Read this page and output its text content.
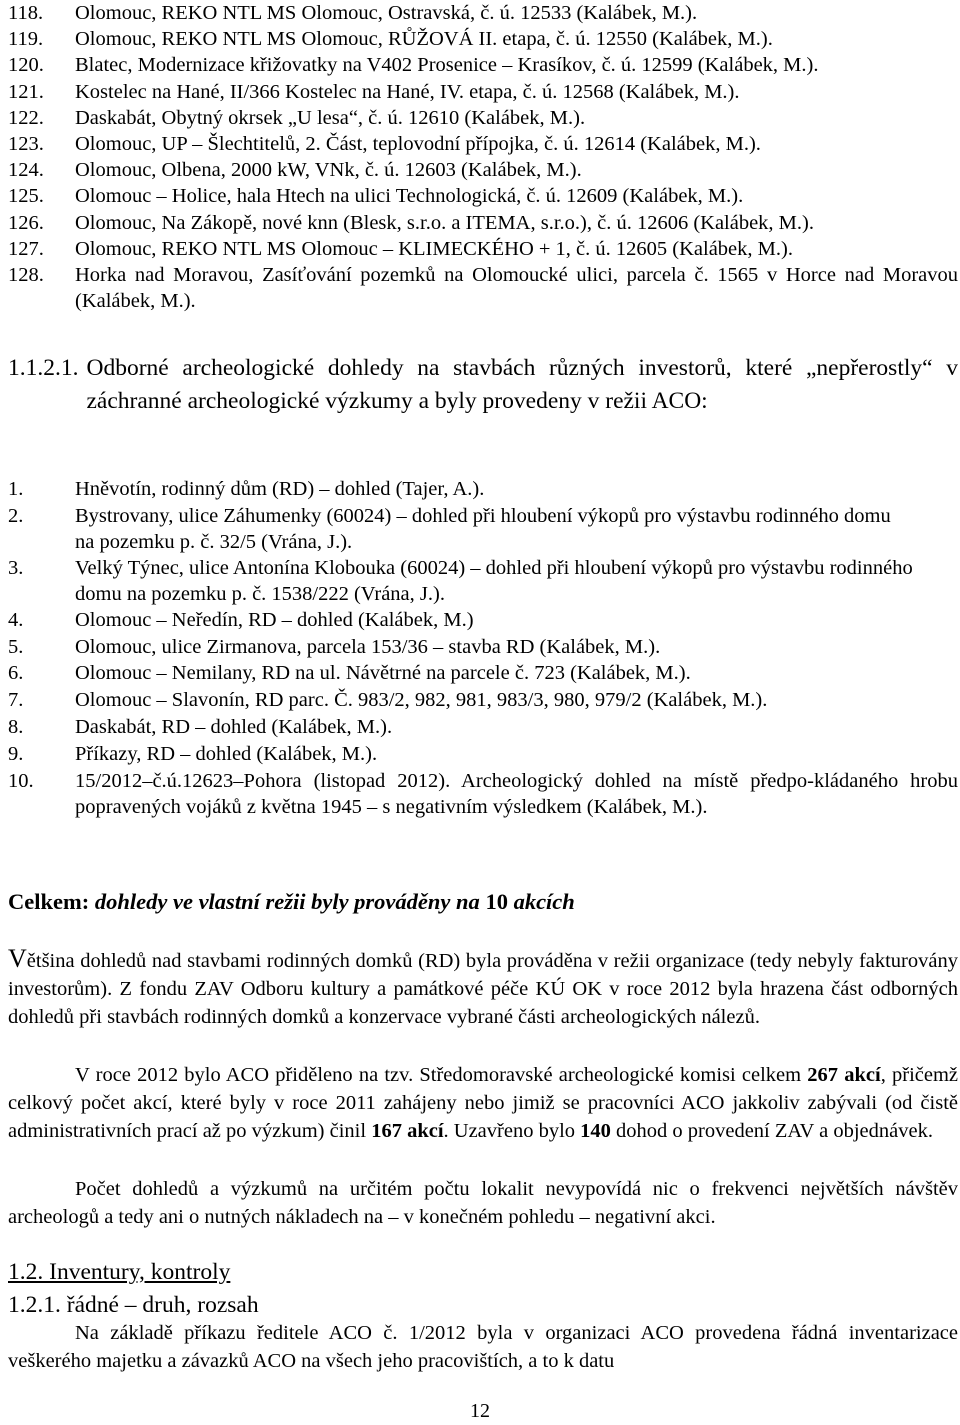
118.	Olomouc, REKO NTL MS Olomouc, Ostravská, č. ú. 12533 (Kalábek, M.).
119.	Olomouc, REKO NTL MS Olomouc, RŮŽOVÁ II. etapa, č. ú. 12550 (Kalábek, M.).
120.	Blatec, Modernizace křižovatky na V402 Prosenice – Krasíkov, č. ú. 12599 (Kalábek, M.).
121.	Kostelec na Hané, II/366 Kostelec na Hané, IV. etapa, č. ú. 12568 (Kalábek, M.).
122.	Daskabát, Obytný okrsek „U lesa“, č. ú. 12610 (Kalábek, M.).
123.	Olomouc, UP – Šlechtitelů, 2. Část, teplovodní přípojka, č. ú. 12614 (Kalábek, M.).
124.	Olomouc, Olbena, 2000 kW, VNk, č. ú. 12603 (Kalábek, M.).
125.	Olomouc – Holice, hala Htech na ulici Technologická, č. ú. 12609 (Kalábek, M.).
126.	Olomouc, Na Zákopě, nové knn (Blesk, s.r.o. a ITEMA, s.r.o.), č. ú. 12606 (Kalábek, M.).
127.	Olomouc, REKO NTL MS Olomouc – KLIMECKÉHO + 1, č. ú. 12605 (Kalábek, M.).
128.	Horka nad Moravou, Zasíťování pozemků na Olomoucké ulici, parcela č. 1565 v Horce nad Moravou (Kalábek, M.).
1.1.2.1. Odborné archeologické dohledy na stavbách různých investorů, které „nepřerostly“ v záchranné archeologické výzkumy a byly provedeny v režii ACO:
1.	Hněvotín, rodinný dům (RD) – dohled (Tajer, A.).
2.	Bystrovany, ulice Záhumenky (60024) – dohled při hloubení výkopů pro výstavbu rodinného domu na pozemku p. č. 32/5 (Vrána, J.).
3.	Velký Týnec, ulice Antonína Klobouka (60024) – dohled při hloubení výkopů pro výstavbu rodinného domu na pozemku p. č. 1538/222 (Vrána, J.).
4.	Olomouc – Neředín, RD – dohled (Kalábek, M.)
5.	Olomouc, ulice Zirmanova, parcela 153/36 – stavba RD (Kalábek, M.).
6.	Olomouc – Nemilany, RD na ul. Návětrné na parcele č. 723 (Kalábek, M.).
7.	Olomouc – Slavonín, RD parc. Č. 983/2, 982, 981, 983/3, 980, 979/2 (Kalábek, M.).
8.	Daskabát, RD – dohled (Kalábek, M.).
9.	Příkazy, RD – dohled (Kalábek, M.).
10.	15/2012–č.ú.12623–Pohora (listopad 2012). Archeologický dohled na místě předpo-kládaného hrobu popravených vojáků z května 1945 – s negativním výsledkem (Kalábek, M.).
Celkem: dohledy ve vlastní režii byly prováděny na 10 akcích
Většina dohledů nad stavbami rodinných domků (RD) byla prováděna v režii organizace (tedy nebyly fakturovány investorům). Z fondu ZAV Odboru kultury a památkové péče KÚ OK v roce 2012 byla hrazena část odborných dohledů při stavbách rodinných domků a konzervace vybrané části archeologických nálezů.
V roce 2012 bylo ACO přiděleno na tzv. Středomoravské archeologické komisi celkem 267 akcí, přičemž celkový počet akcí, které byly v roce 2011 zahájeny nebo jimiž se pracovníci ACO jakkoliv zabývali (od čistě administrativních prací až po výzkum) činil 167 akcí. Uzavřeno bylo 140 dohod o provedení ZAV a objednávek.
Počet dohledů a výzkumů na určitém počtu lokalit nevypovídá nic o frekvenci největších návštěv archeologů a tedy ani o nutných nákladech na – v konečném pohledu – negativní akci.
1.2. Inventury, kontroly
1.2.1. řádné – druh, rozsah
Na základě příkazu ředitele ACO č. 1/2012 byla v organizaci ACO provedena řádná inventarizace veškerého majetku a závazků ACO na všech jeho pracovištích, a to k datu
12
